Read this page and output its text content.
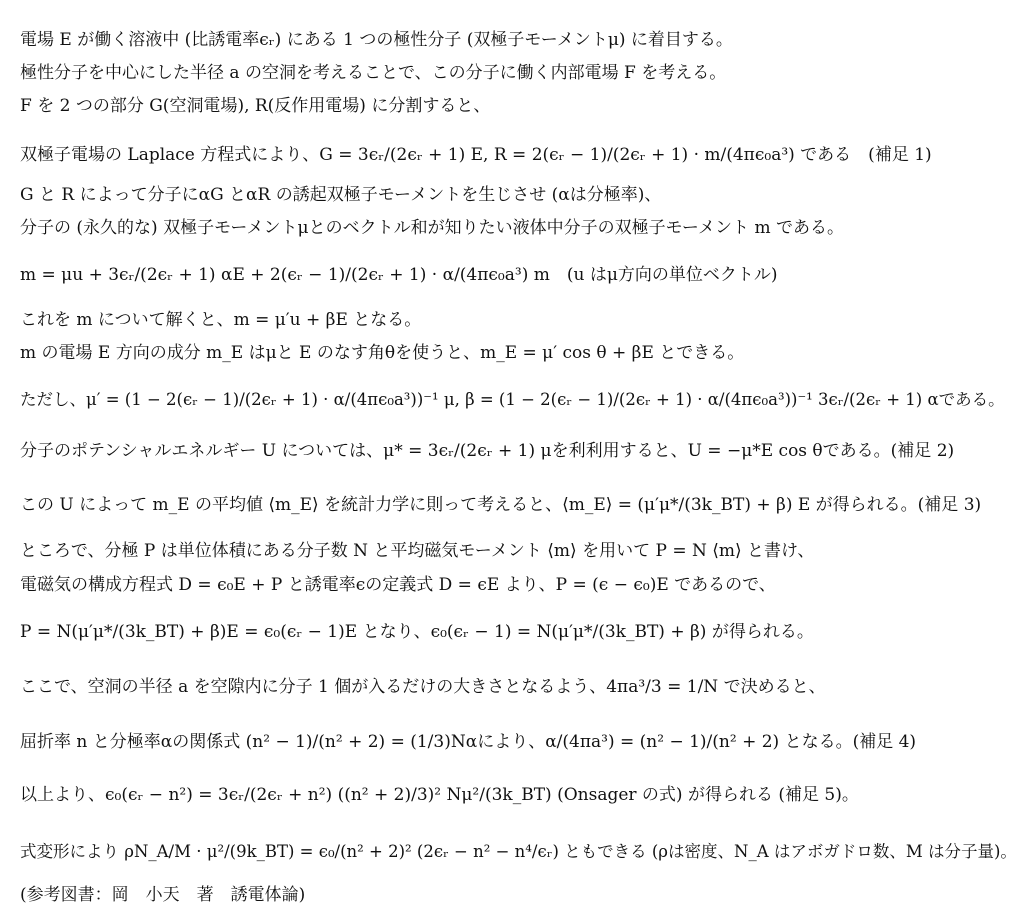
電場 E が働く溶液中 (比誘電率ϵᵣ) にある 1 つの極性分子 (双極子モーメントμ) に着目する。
極性分子を中心にした半径 a の空洞を考えることで、この分子に働く内部電場 F を考える。
F を 2 つの部分 G(空洞電場), R(反作用電場) に分割すると、
双極子電場の Laplace 方程式により、G = 3ϵᵣ/(2ϵᵣ + 1) E, R = 2(ϵᵣ − 1)/(2ϵᵣ + 1) · m/(4πϵ₀a³) である　(補足 1)
G と R によって分子にαG とαR の誘起双極子モーメントを生じさせ (αは分極率)、
分子の (永久的な) 双極子モーメントμとのベクトル和が知りたい液体中分子の双極子モーメント m である。
m = μu + 3ϵᵣ/(2ϵᵣ + 1) αE + 2(ϵᵣ − 1)/(2ϵᵣ + 1) · α/(4πϵ₀a³) m　(u はμ方向の単位ベクトル)
これを m について解くと、m = μ′u + βE となる。
m の電場 E 方向の成分 m_E はμと E のなす角θを使うと、m_E = μ′ cos θ + βE とできる。
ただし、μ′ = (1 − 2(ϵᵣ − 1)/(2ϵᵣ + 1) · α/(4πϵ₀a³))⁻¹ μ, β = (1 − 2(ϵᵣ − 1)/(2ϵᵣ + 1) · α/(4πϵ₀a³))⁻¹ 3ϵᵣ/(2ϵᵣ + 1) αである。
分子のポテンシャルエネルギー U については、μ* = 3ϵᵣ/(2ϵᵣ + 1) μを利利用すると、U = −μ*E cos θである。(補足 2)
この U によって m_E の平均値 ⟨m_E⟩ を統計力学に則って考えると、⟨m_E⟩ = (μ′μ*/(3k_BT) + β) E が得られる。(補足 3)
ところで、分極 P は単位体積にある分子数 N と平均磁気モーメント ⟨m⟩ を用いて P = N ⟨m⟩ と書け、
電磁気の構成方程式 D = ϵ₀E + P と誘電率ϵの定義式 D = ϵE より、P = (ϵ − ϵ₀)E であるので、
P = N(μ′μ*/(3k_BT) + β)E = ϵ₀(ϵᵣ − 1)E となり、ϵ₀(ϵᵣ − 1) = N(μ′μ*/(3k_BT) + β) が得られる。
ここで、空洞の半径 a を空隙内に分子 1 個が入るだけの大きさとなるよう、4πa³/3 = 1/N で決めると、
屈折率 n と分極率αの関係式 (n² − 1)/(n² + 2) = (1/3)Nαにより、α/(4πa³) = (n² − 1)/(n² + 2) となる。(補足 4)
以上より、ϵ₀(ϵᵣ − n²) = 3ϵᵣ/(2ϵᵣ + n²) ((n² + 2)/3)² Nμ²/(3k_BT) (Onsager の式) が得られる (補足 5)。
式変形により ρN_A/M · μ²/(9k_BT) = ϵ₀/(n² + 2)² (2ϵᵣ − n² − n⁴/ϵᵣ) ともできる (ρは密度、N_A はアボガドロ数、M は分子量)。
(参考図書：岡　小天　著　誘電体論)
